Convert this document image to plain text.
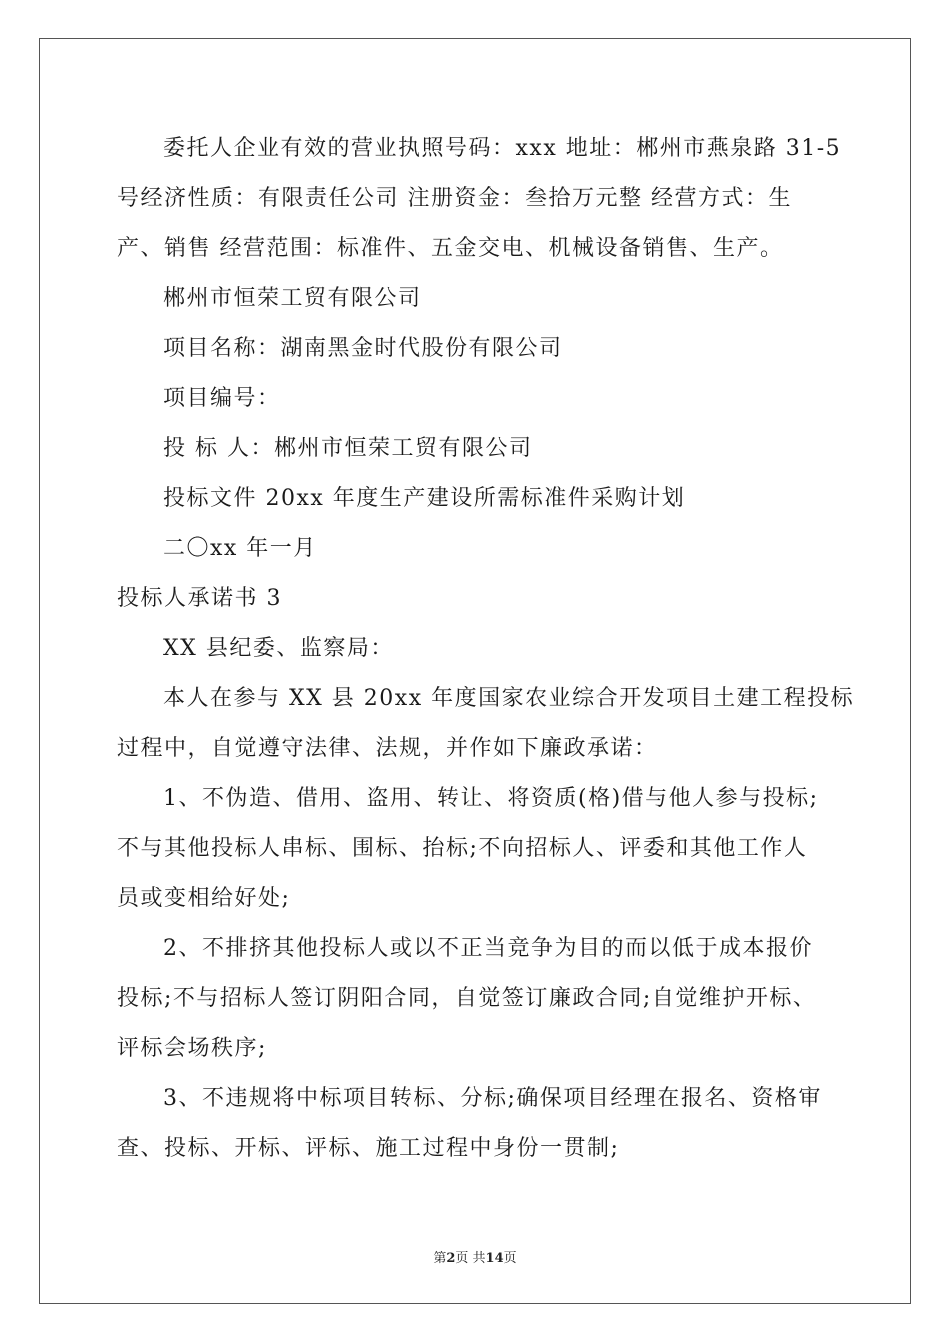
委托人企业有效的营业执照号码：xxx 地址：郴州市燕泉路 31-5

号经济性质：有限责任公司 注册资金：叁拾万元整 经营方式：生

产、销售 经营范围：标准件、五金交电、机械设备销售、生产。

郴州市恒荣工贸有限公司

项目名称：湖南黑金时代股份有限公司

项目编号：

投 标 人：郴州市恒荣工贸有限公司

投标文件 20xx 年度生产建设所需标准件采购计划

二〇xx 年一月

投标人承诺书 3

XX 县纪委、监察局：

本人在参与 XX 县 20xx 年度国家农业综合开发项目土建工程投标

过程中，自觉遵守法律、法规，并作如下廉政承诺：

1、不伪造、借用、盗用、转让、将资质(格)借与他人参与投标;

不与其他投标人串标、围标、抬标;不向招标人、评委和其他工作人

员或变相给好处;

2、不排挤其他投标人或以不正当竞争为目的而以低于成本报价

投标;不与招标人签订阴阳合同，自觉签订廉政合同;自觉维护开标、

评标会场秩序;

3、不违规将中标项目转标、分标;确保项目经理在报名、资格审

查、投标、开标、评标、施工过程中身份一贯制;

第2页 共14页
